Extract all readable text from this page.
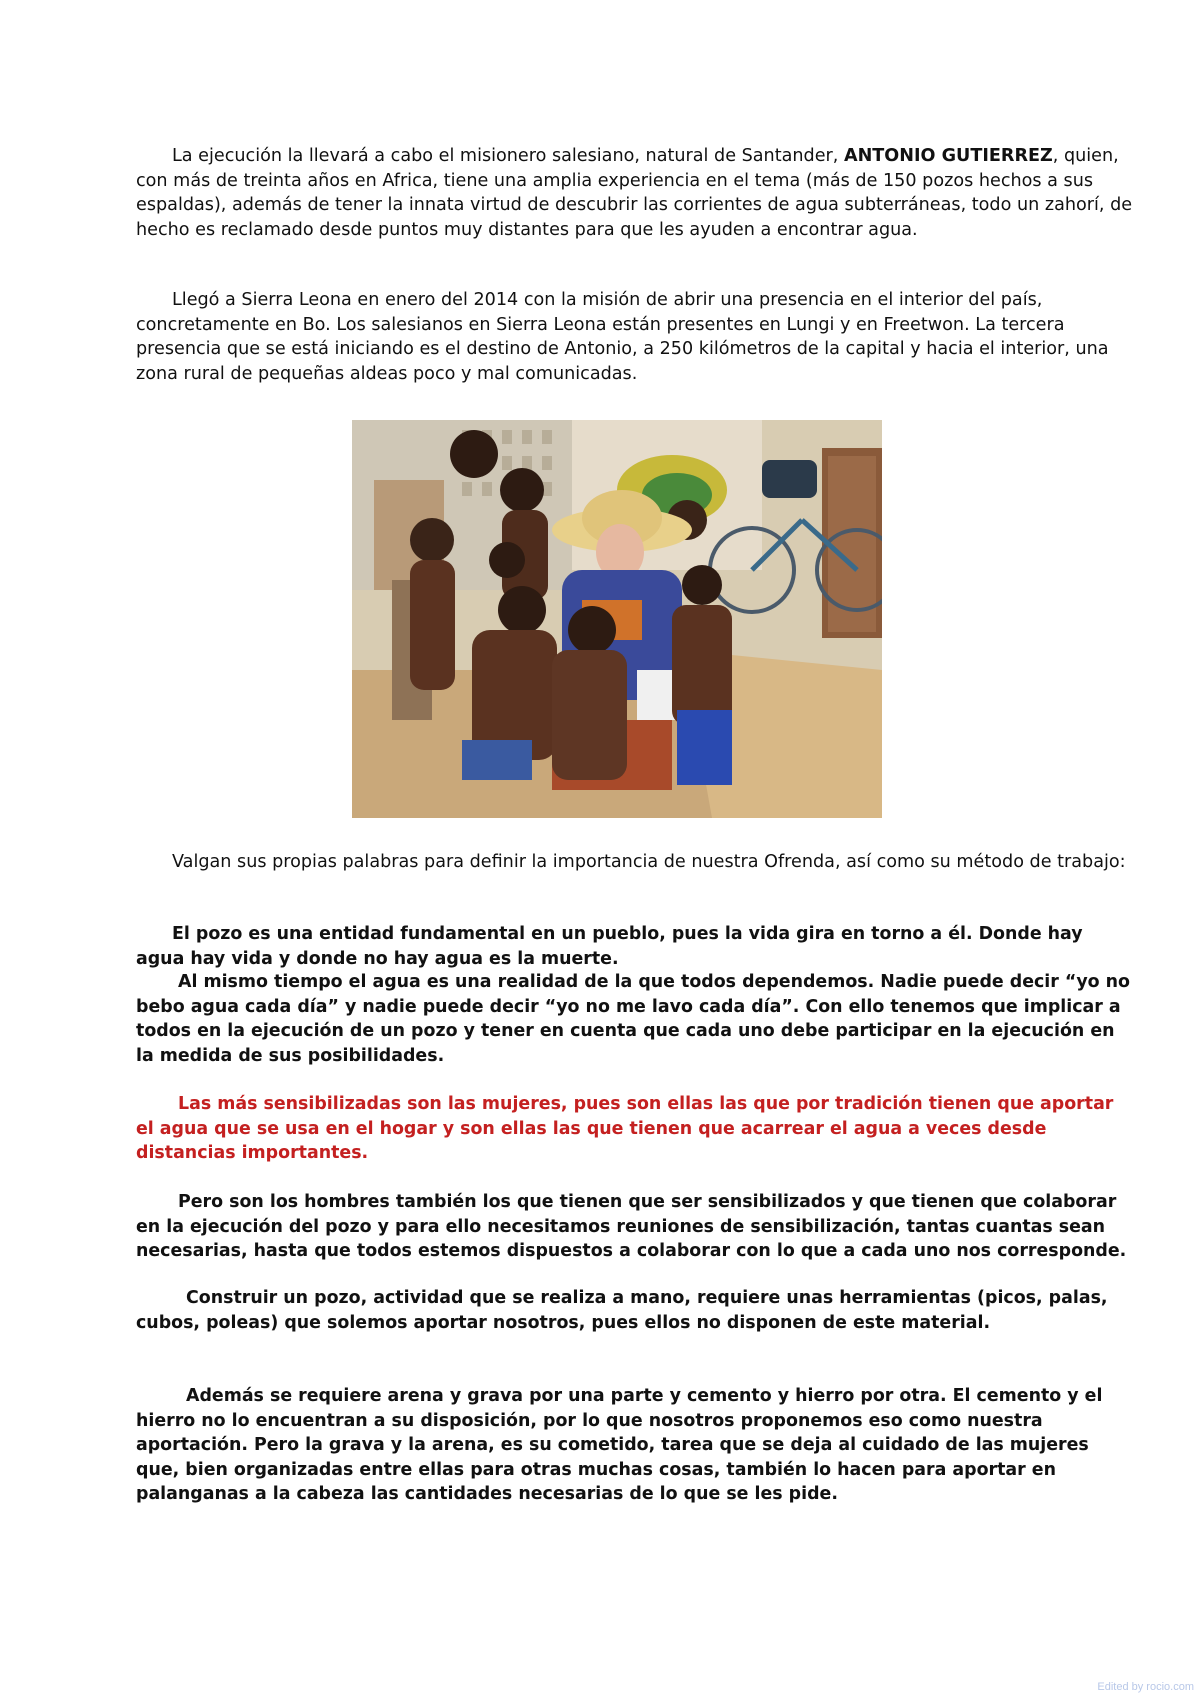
La ejecución la llevará a cabo el misionero salesiano, natural de Santander, ANTONIO GUTIERREZ, quien, con más de treinta años en Africa, tiene una amplia experiencia en el tema (más de 150 pozos hechos a sus espaldas), además de tener la innata virtud de descubrir las corrientes de agua subterráneas, todo un zahorí, de hecho es reclamado desde puntos muy distantes para que les ayuden a encontrar agua.

Llegó a Sierra Leona en enero del 2014 con la misión de abrir una presencia en el interior del país, concretamente en Bo. Los salesianos en Sierra Leona están presentes en Lungi y en Freetwon. La tercera presencia que se está iniciando es el destino de Antonio, a 250 kilómetros de la capital y hacia el interior, una zona rural de pequeñas aldeas poco y mal comunicadas.

Valgan sus propias palabras para definir la importancia de nuestra Ofrenda, así como su método de trabajo:

El pozo es una entidad fundamental en un pueblo, pues la vida gira en torno a él. Donde hay agua hay vida y donde no hay agua es la muerte.

Al mismo tiempo el agua es una realidad de la que todos dependemos. Nadie puede decir “yo no bebo agua cada día” y nadie puede decir “yo no me lavo cada día”. Con ello tenemos que implicar a todos en la ejecución de un pozo y tener en cuenta que cada uno debe participar en la ejecución en la medida de sus posibilidades.

Las más sensibilizadas son las mujeres, pues son ellas las que por tradición tienen que aportar el agua que se usa en el hogar y son ellas las que tienen que acarrear el agua a veces desde distancias importantes.

Pero son los hombres también los que tienen que ser sensibilizados y que tienen que colaborar en la ejecución del pozo y para ello necesitamos reuniones de sensibilización, tantas cuantas sean necesarias, hasta que todos estemos dispuestos a colaborar con lo que a cada uno nos corresponde.

Construir un pozo, actividad que se realiza a mano, requiere unas herramientas (picos, palas, cubos, poleas) que solemos aportar nosotros, pues ellos no disponen de este material.

Además se requiere arena y grava por una parte y cemento y hierro por otra. El cemento y el hierro no lo encuentran a su disposición, por lo que nosotros proponemos eso como nuestra aportación. Pero la grava y la arena, es su cometido, tarea que se deja al cuidado de las mujeres que, bien organizadas entre ellas para otras muchas cosas, también lo hacen para aportar en palanganas a la cabeza las cantidades necesarias de lo que se les pide.

Edited by rocio.com
